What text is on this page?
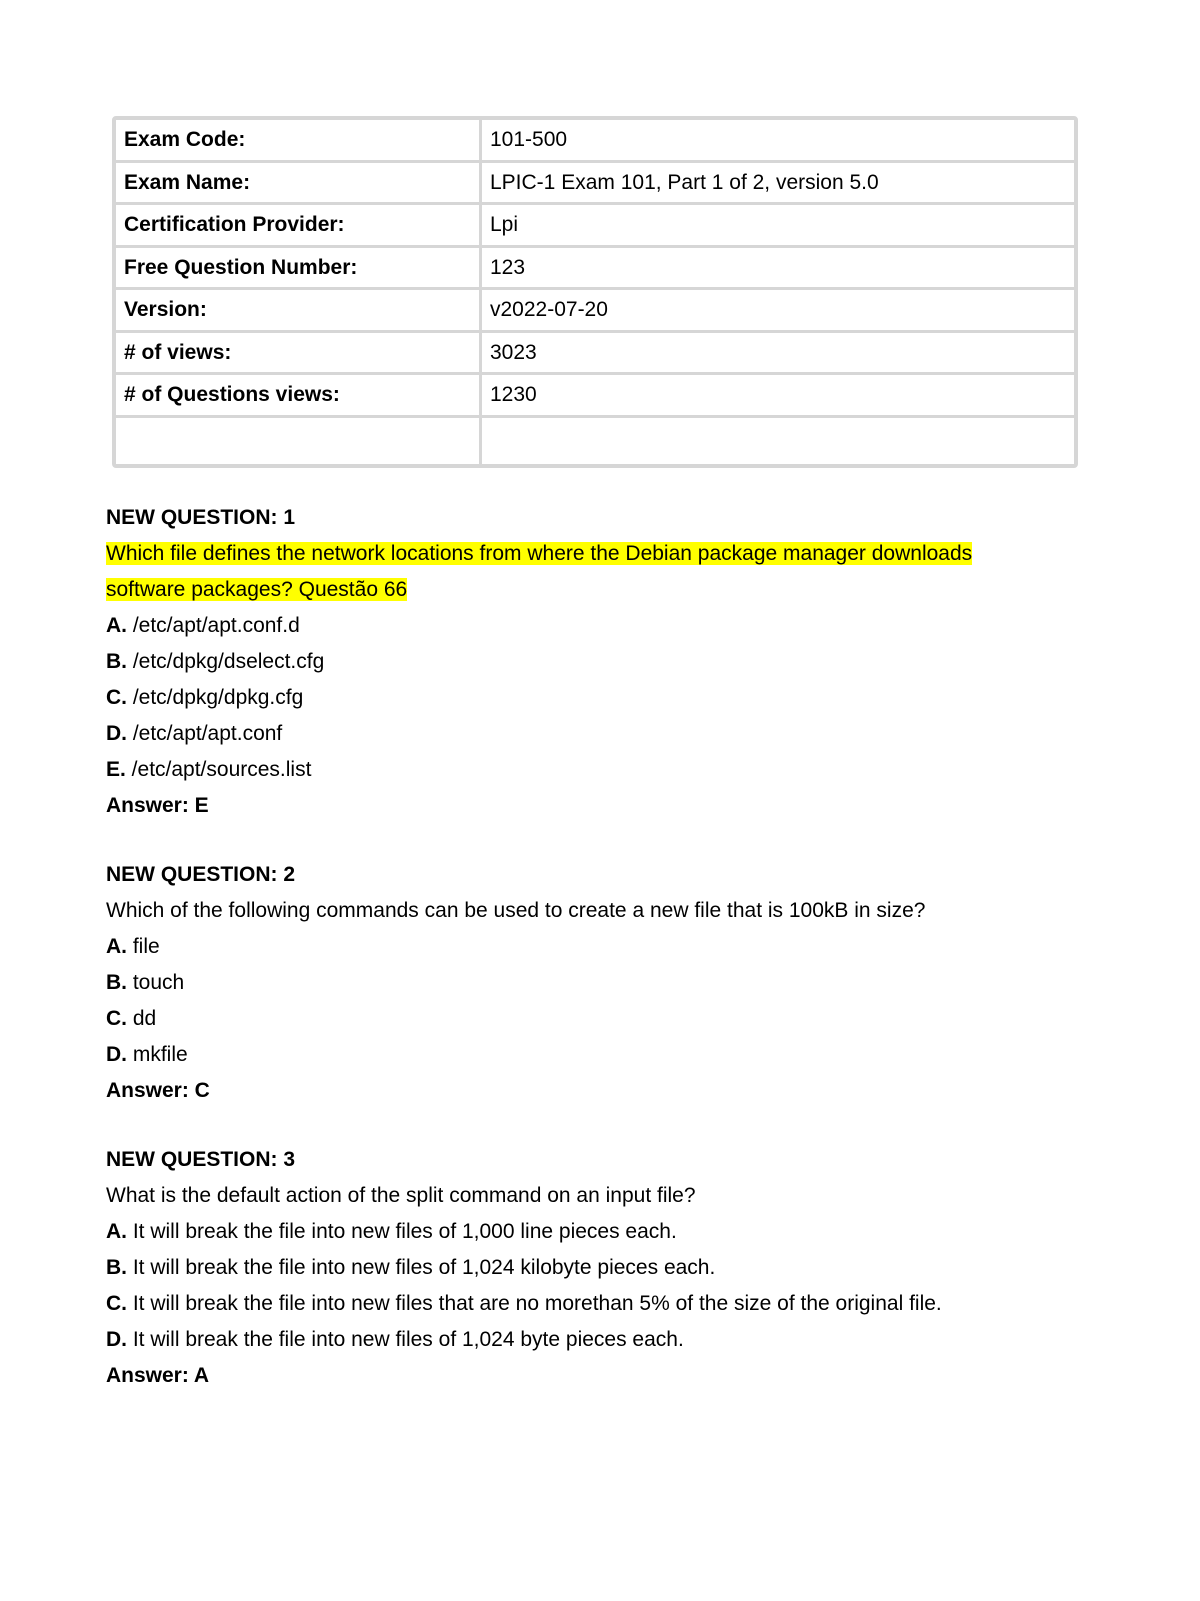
Exam Code:	101-500
Exam Name:	LPIC-1 Exam 101, Part 1 of 2, version 5.0
Certification Provider:	Lpi
Free Question Number:	123
Version:	v2022-07-20
# of views:	3023
# of Questions views:	1230
NEW QUESTION: 1
Which file defines the network locations from where the Debian package manager downloads
software packages? Questão 66
A. /etc/apt/apt.conf.d
B. /etc/dpkg/dselect.cfg
C. /etc/dpkg/dpkg.cfg
D. /etc/apt/apt.conf
E. /etc/apt/sources.list
Answer: E
NEW QUESTION: 2
Which of the following commands can be used to create a new file that is 100kB in size?
A. file
B. touch
C. dd
D. mkfile
Answer: C
NEW QUESTION: 3
What is the default action of the split command on an input file?
A. It will break the file into new files of 1,000 line pieces each.
B. It will break the file into new files of 1,024 kilobyte pieces each.
C. It will break the file into new files that are no morethan 5% of the size of the original file.
D. It will break the file into new files of 1,024 byte pieces each.
Answer: A
